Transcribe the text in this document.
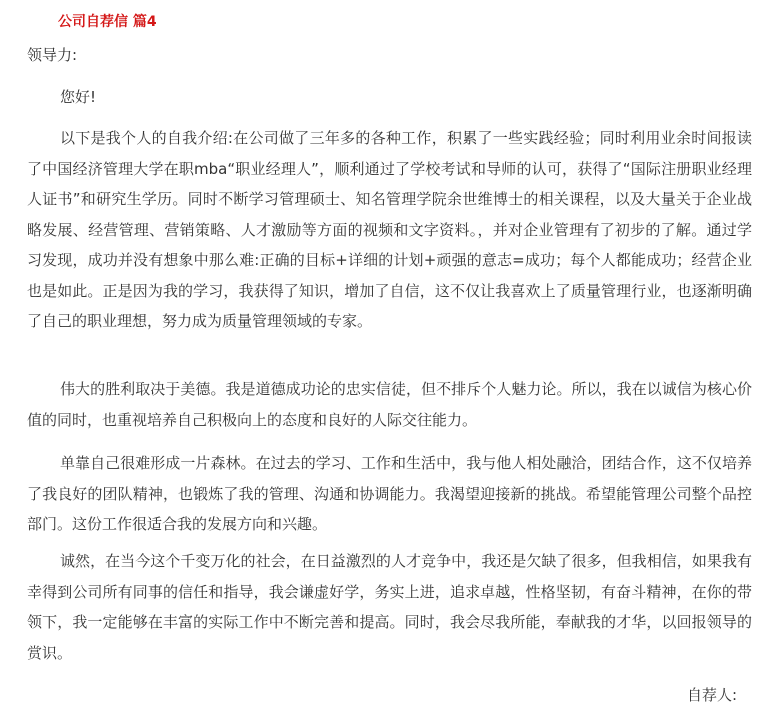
公司自荐信 篇4
领导力:
您好!

以下是我个人的自我介绍:在公司做了三年多的各种工作，积累了一些实践经验；同时利用业余时间报读了中国经济管理大学在职mba“职业经理人”，顺利通过了学校考试和导师的认可，获得了“国际注册职业经理人证书”和研究生学历。同时不断学习管理硕士、知名管理学院余世维博士的相关课程，以及大量关于企业战略发展、经营管理、营销策略、人才激励等方面的视频和文字资料。，并对企业管理有了初步的了解。通过学习发现，成功并没有想象中那么难:正确的目标+详细的计划+顽强的意志=成功；每个人都能成功；经营企业也是如此。正是因为我的学习，我获得了知识，增加了自信，这不仅让我喜欢上了质量管理行业，也逐渐明确了自己的职业理想，努力成为质量管理领域的专家。

伟大的胜利取决于美德。我是道德成功论的忠实信徒，但不排斥个人魅力论。所以，我在以诚信为核心价值的同时，也重视培养自己积极向上的态度和良好的人际交往能力。

单靠自己很难形成一片森林。在过去的学习、工作和生活中，我与他人相处融洽，团结合作，这不仅培养了我良好的团队精神，也锻炼了我的管理、沟通和协调能力。我渴望迎接新的挑战。希望能管理公司整个品控部门。这份工作很适合我的发展方向和兴趣。

诚然，在当今这个千变万化的社会，在日益激烈的人才竞争中，我还是欠缺了很多，但我相信，如果我有幸得到公司所有同事的信任和指导，我会谦虚好学，务实上进，追求卓越，性格坚韧，有奋斗精神，在你的带领下，我一定能够在丰富的实际工作中不断完善和提高。同时，我会尽我所能，奉献我的才华，以回报领导的赏识。

自荐人:
